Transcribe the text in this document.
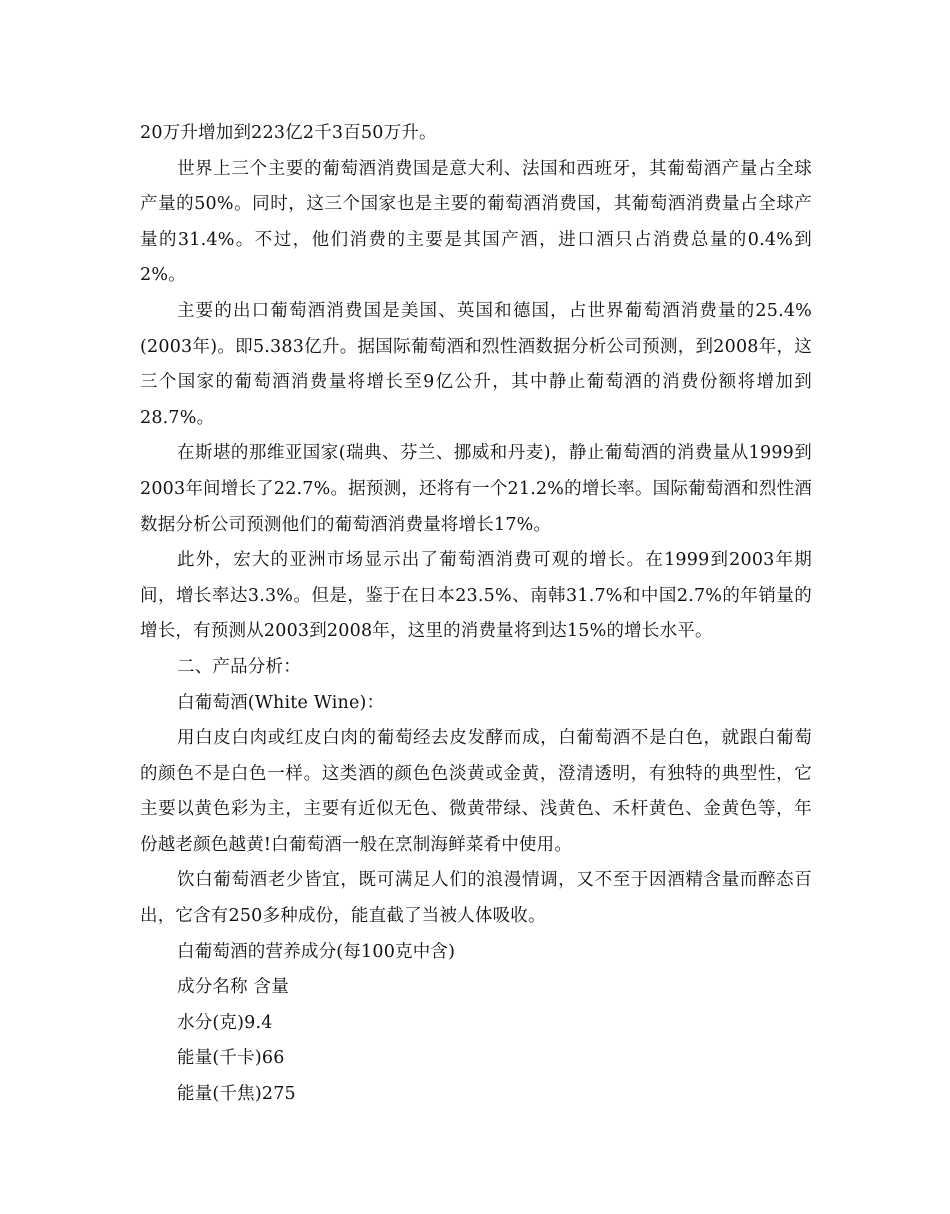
20万升增加到223亿2千3百50万升。

世界上三个主要的葡萄酒消费国是意大利、法国和西班牙，其葡萄酒产量占全球产量的50%。同时，这三个国家也是主要的葡萄酒消费国，其葡萄酒消费量占全球产量的31.4%。不过，他们消费的主要是其国产酒，进口酒只占消费总量的0.4%到2%。

主要的出口葡萄酒消费国是美国、英国和德国，占世界葡萄酒消费量的25.4%(2003年)。即5.383亿升。据国际葡萄酒和烈性酒数据分析公司预测，到2008年，这三个国家的葡萄酒消费量将增长至9亿公升，其中静止葡萄酒的消费份额将增加到28.7%。

在斯堪的那维亚国家(瑞典、芬兰、挪威和丹麦)，静止葡萄酒的消费量从1999到2003年间增长了22.7%。据预测，还将有一个21.2%的增长率。国际葡萄酒和烈性酒数据分析公司预测他们的葡萄酒消费量将增长17%。

此外，宏大的亚洲市场显示出了葡萄酒消费可观的增长。在1999到2003年期间，增长率达3.3%。但是，鉴于在日本23.5%、南韩31.7%和中国2.7%的年销量的增长，有预测从2003到2008年，这里的消费量将到达15%的增长水平。

二、产品分析：

白葡萄酒(White Wine)：

用白皮白肉或红皮白肉的葡萄经去皮发酵而成，白葡萄酒不是白色，就跟白葡萄的颜色不是白色一样。这类酒的颜色色淡黄或金黄，澄清透明，有独特的典型性，它主要以黄色彩为主，主要有近似无色、微黄带绿、浅黄色、禾杆黄色、金黄色等，年份越老颜色越黄!白葡萄酒一般在烹制海鲜菜肴中使用。

饮白葡萄酒老少皆宜，既可满足人们的浪漫情调，又不至于因酒精含量而醉态百出，它含有250多种成份，能直截了当被人体吸收。

白葡萄酒的营养成分(每100克中含)

成分名称 含量

水分(克)9.4

能量(千卡)66

能量(千焦)275
